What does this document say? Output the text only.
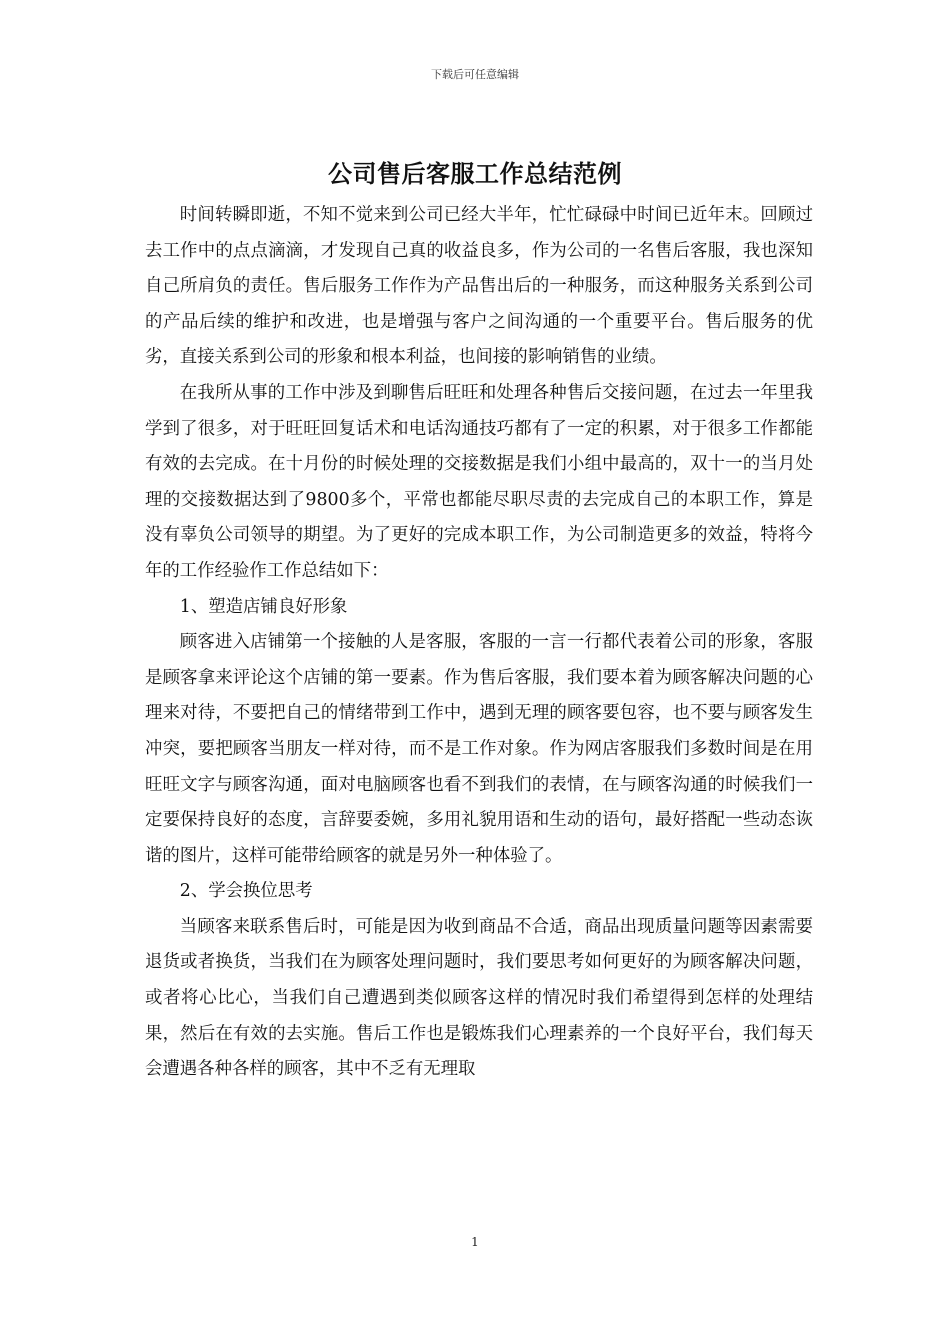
下载后可任意编辑
公司售后客服工作总结范例

时间转瞬即逝，不知不觉来到公司已经大半年，忙忙碌碌中时间已近年末。回顾过去工作中的点点滴滴，才发现自己真的收益良多，作为公司的一名售后客服，我也深知自己所肩负的责任。售后服务工作作为产品售出后的一种服务，而这种服务关系到公司的产品后续的维护和改进，也是增强与客户之间沟通的一个重要平台。售后服务的优劣，直接关系到公司的形象和根本利益，也间接的影响销售的业绩。

在我所从事的工作中涉及到聊售后旺旺和处理各种售后交接问题，在过去一年里我学到了很多，对于旺旺回复话术和电话沟通技巧都有了一定的积累，对于很多工作都能有效的去完成。在十月份的时候处理的交接数据是我们小组中最高的，双十一的当月处理的交接数据达到了9800多个，平常也都能尽职尽责的去完成自己的本职工作，算是没有辜负公司领导的期望。为了更好的完成本职工作，为公司制造更多的效益，特将今年的工作经验作工作总结如下：

1、塑造店铺良好形象

顾客进入店铺第一个接触的人是客服，客服的一言一行都代表着公司的形象，客服是顾客拿来评论这个店铺的第一要素。作为售后客服，我们要本着为顾客解决问题的心理来对待，不要把自己的情绪带到工作中，遇到无理的顾客要包容，也不要与顾客发生冲突，要把顾客当朋友一样对待，而不是工作对象。作为网店客服我们多数时间是在用旺旺文字与顾客沟通，面对电脑顾客也看不到我们的表情，在与顾客沟通的时候我们一定要保持良好的态度，言辞要委婉，多用礼貌用语和生动的语句，最好搭配一些动态诙谐的图片，这样可能带给顾客的就是另外一种体验了。

2、学会换位思考

当顾客来联系售后时，可能是因为收到商品不合适，商品出现质量问题等因素需要退货或者换货，当我们在为顾客处理问题时，我们要思考如何更好的为顾客解决问题，或者将心比心，当我们自己遭遇到类似顾客这样的情况时我们希望得到怎样的处理结果，然后在有效的去实施。售后工作也是锻炼我们心理素养的一个良好平台，我们每天会遭遇各种各样的顾客，其中不乏有无理取

1
